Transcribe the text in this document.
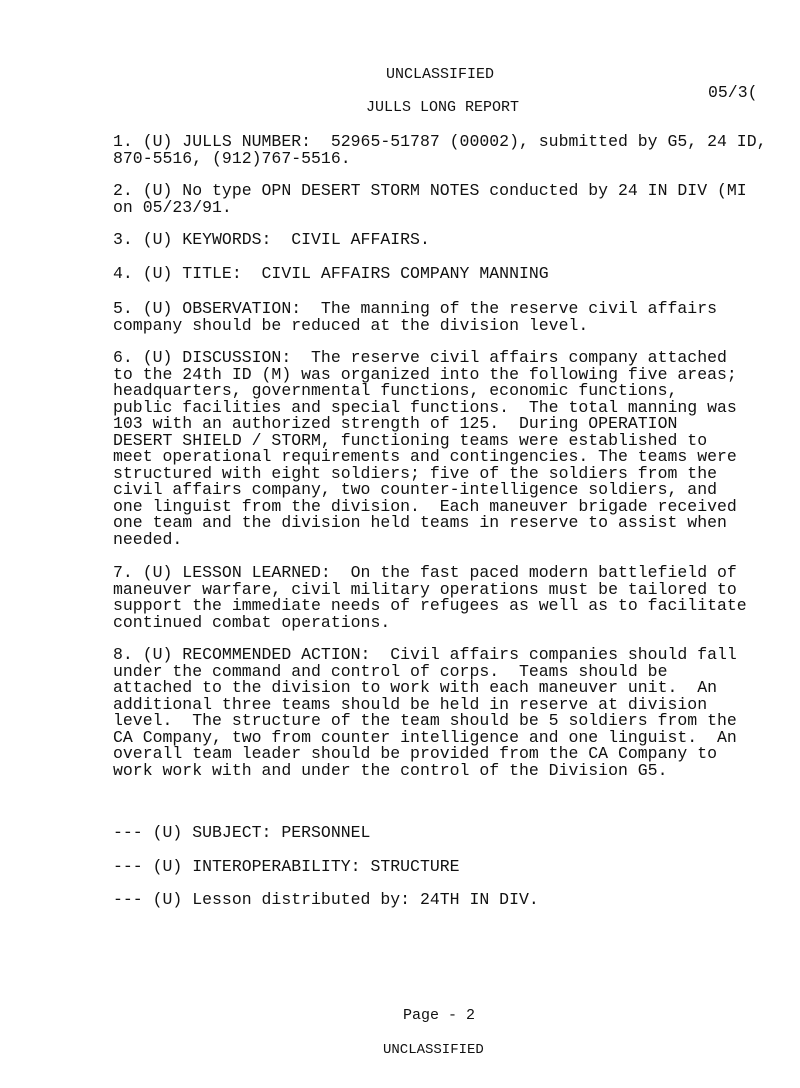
UNCLASSIFIED
05/3(
JULLS LONG REPORT
1. (U) JULLS NUMBER:  52965-51787 (00002), submitted by G5, 24 ID,
870-5516, (912)767-5516.
2. (U) No type OPN DESERT STORM NOTES conducted by 24 IN DIV (MI
on 05/23/91.
3. (U) KEYWORDS:  CIVIL AFFAIRS.
4. (U) TITLE:  CIVIL AFFAIRS COMPANY MANNING
5. (U) OBSERVATION:  The manning of the reserve civil affairs
company should be reduced at the division level.
6. (U) DISCUSSION:  The reserve civil affairs company attached
to the 24th ID (M) was organized into the following five areas;
headquarters, governmental functions, economic functions,
public facilities and special functions.  The total manning was
103 with an authorized strength of 125.  During OPERATION
DESERT SHIELD / STORM, functioning teams were established to
meet operational requirements and contingencies. The teams were
structured with eight soldiers; five of the soldiers from the
civil affairs company, two counter-intelligence soldiers, and
one linguist from the division.  Each maneuver brigade received
one team and the division held teams in reserve to assist when
needed.
7. (U) LESSON LEARNED:  On the fast paced modern battlefield of
maneuver warfare, civil military operations must be tailored to
support the immediate needs of refugees as well as to facilitate
continued combat operations.
8. (U) RECOMMENDED ACTION:  Civil affairs companies should fall
under the command and control of corps.  Teams should be
attached to the division to work with each maneuver unit.  An
additional three teams should be held in reserve at division
level.  The structure of the team should be 5 soldiers from the
CA Company, two from counter intelligence and one linguist.  An
overall team leader should be provided from the CA Company to
work work with and under the control of the Division G5.
--- (U) SUBJECT: PERSONNEL
--- (U) INTEROPERABILITY: STRUCTURE
--- (U) Lesson distributed by: 24TH IN DIV.
Page - 2
UNCLASSIFIED
